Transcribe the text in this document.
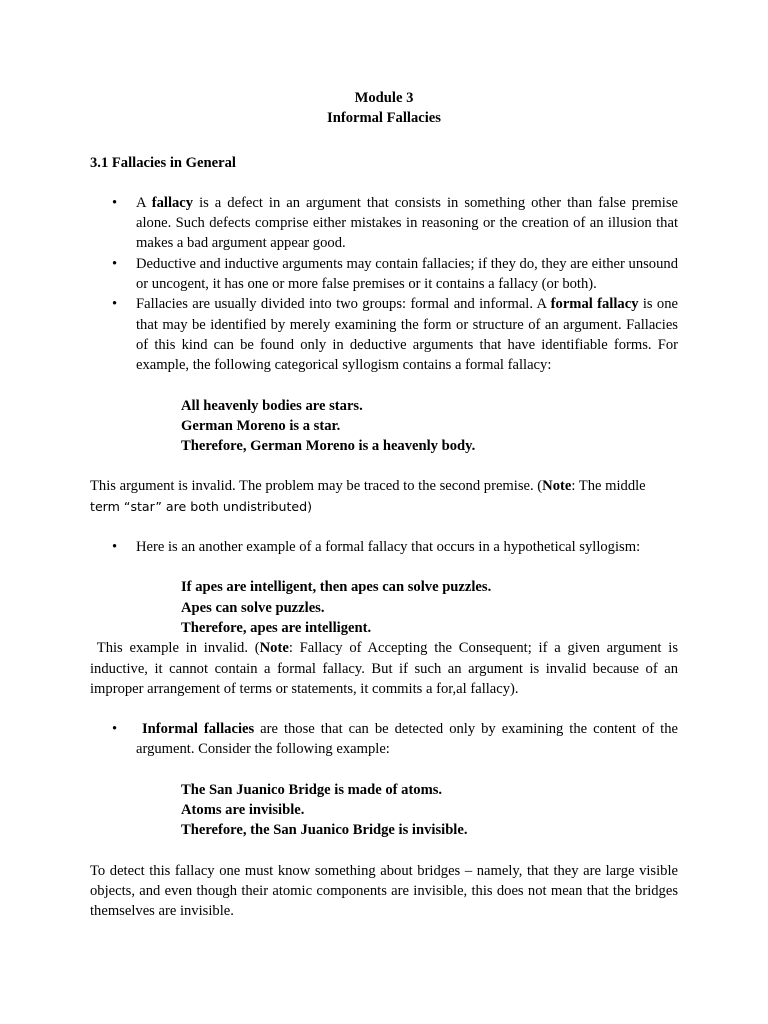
Module 3

Informal Fallacies

3.1 Fallacies in General

• A fallacy is a defect in an argument that consists in something other than false premise alone. Such defects comprise either mistakes in reasoning or the creation of an illusion that makes a bad argument appear good.
• Deductive and inductive arguments may contain fallacies; if they do, they are either unsound or uncogent, it has one or more false premises or it contains a fallacy (or both).
• Fallacies are usually divided into two groups: formal and informal. A formal fallacy is one that may be identified by merely examining the form or structure of an argument. Fallacies of this kind can be found only in deductive arguments that have identifiable forms. For example, the following categorical syllogism contains a formal fallacy:
All heavenly bodies are stars.
German Moreno is a star.
Therefore, German Moreno is a heavenly body.

This argument is invalid. The problem may be traced to the second premise. (Note: The middle
term “star” are both undistributed)

• Here is an another example of a formal fallacy that occurs in a hypothetical syllogism:
If apes are intelligent, then apes can solve puzzles.
Apes can solve puzzles.
Therefore, apes are intelligent.

This example in invalid. (Note: Fallacy of Accepting the Consequent; if a given argument is inductive, it cannot contain a formal fallacy. But if such an argument is invalid because of an improper arrangement of terms or statements, it commits a for,al fallacy).

• Informal fallacies are those that can be detected only by examining the content of the argument. Consider the following example:
The San Juanico Bridge is made of atoms.
Atoms are invisible.
Therefore, the San Juanico Bridge is invisible.

To detect this fallacy one must know something about bridges – namely, that they are large visible objects, and even though their atomic components are invisible, this does not mean that the bridges themselves are invisible.
